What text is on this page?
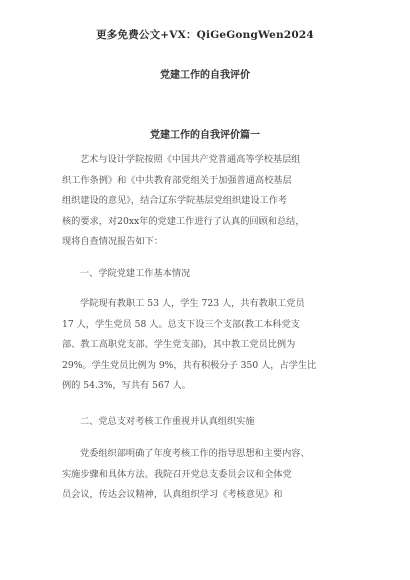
更多免费公文+VX：QiGeGongWen2024
党建工作的自我评价
党建工作的自我评价篇一
艺术与设计学院按照《中国共产党普通高等学校基层组
织工作条例》和《中共教育部党组关于加强普通高校基层
组织建设的意见》，结合辽东学院基层党组织建设工作考
核的要求，对20xx年的党建工作进行了认真的回顾和总结，
现将自查情况报告如下：
一、学院党建工作基本情况
学院现有教职工 53 人，学生 723 人，共有教职工党员
17 人，学生党员 58 人。总支下设三个支部(教工本科党支
部、教工高职党支部、学生党支部)，其中教工党员比例为
29%。学生党员比例为 9%，共有积极分子 350 人，占学生比
例的 54.3%，写共有 567 人。
二、党总支对考核工作重视并认真组织实施
党委组织部明确了年度考核工作的指导思想和主要内容、
实施步骤和具体方法。我院召开党总支委员会议和全体党
员会议，传达会议精神，认真组织学习《考核意见》和
